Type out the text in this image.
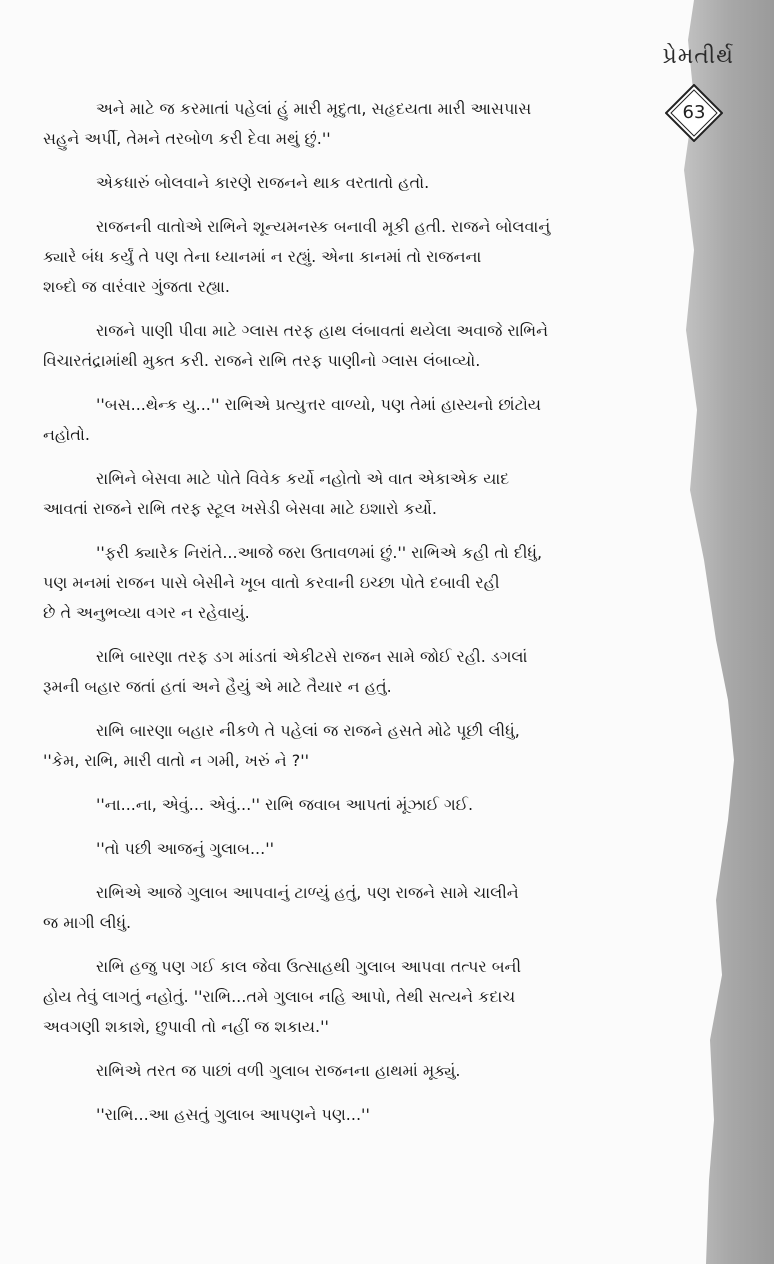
પ્રેમતીર્થ
63

અને માટે જ કરમાતાં પહેલાં હું મારી મૃદુતા, સહૃદયતા મારી આસપાસ
સહુને અર્પી, તેમને તરબોળ કરી દેવા મથું છું.''

એકધારું બોલવાને કારણે રાજનને થાક વરતાતો હતો.

રાજનની વાતોએ રાભિને શૂન્યમનસ્ક બનાવી મૂકી હતી. રાજને બોલવાનું
ક્યારે બંધ કર્યું તે પણ તેના ધ્યાનમાં ન રહ્યું. એના કાનમાં તો રાજનના
શબ્દો જ વારંવાર ગુંજતા રહ્યા.

રાજને પાણી પીવા માટે ગ્લાસ તરફ હાથ લંબાવતાં થયેલા અવાજે રાભિને
વિચારતંદ્રામાંથી મુક્ત કરી. રાજને રાભિ તરફ પાણીનો ગ્લાસ લંબાવ્યો.

''બસ...થેન્ક યુ...'' રાભિએ પ્રત્યુત્તર વાળ્યો, પણ તેમાં હાસ્યનો છાંટોય
નહોતો.

રાભિને બેસવા માટે પોતે વિવેક કર્યો નહોતો એ વાત એકાએક યાદ
આવતાં રાજને રાભિ તરફ સ્ટૂલ ખસેડી બેસવા માટે ઇશારો કર્યો.

''ફરી ક્યારેક નિરાંતે...આજે જરા ઉતાવળમાં છું.'' રાભિએ કહી તો દીધું,
પણ મનમાં રાજન પાસે બેસીને ખૂબ વાતો કરવાની ઇચ્છા પોતે દબાવી રહી
છે તે અનુભવ્યા વગર ન રહેવાયું.

રાભિ બારણા તરફ ડગ માંડતાં એકીટસે રાજન સામે જોઈ રહી. ડગલાં
રૂમની બહાર જતાં હતાં અને હૈયું એ માટે તૈયાર ન હતું.

રાભિ બારણા બહાર નીકળે તે પહેલાં જ રાજને હસતે મોઢે પૂછી લીધું,
''કેમ, રાભિ, મારી વાતો ન ગમી, ખરું ને ?''

''ના...ના, એવું... એવું...'' રાભિ જવાબ આપતાં મૂંઝાઈ ગઈ.

''તો પછી આજનું ગુલાબ...''

રાભિએ આજે ગુલાબ આપવાનું ટાળ્યું હતું, પણ રાજને સામે ચાલીને
જ માગી લીધું.

રાભિ હજુ પણ ગઈ કાલ જેવા ઉત્સાહથી ગુલાબ આપવા તત્પર બની
હોય તેવું લાગતું નહોતું. ''રાભિ...તમે ગુલાબ નહિ આપો, તેથી સત્યને કદાચ
અવગણી શકાશે, છુપાવી તો નહીં જ શકાય.''

રાભિએ તરત જ પાછાં વળી ગુલાબ રાજનના હાથમાં મૂક્યું.

''રાભિ...આ હસતું ગુલાબ આપણને પણ...''
